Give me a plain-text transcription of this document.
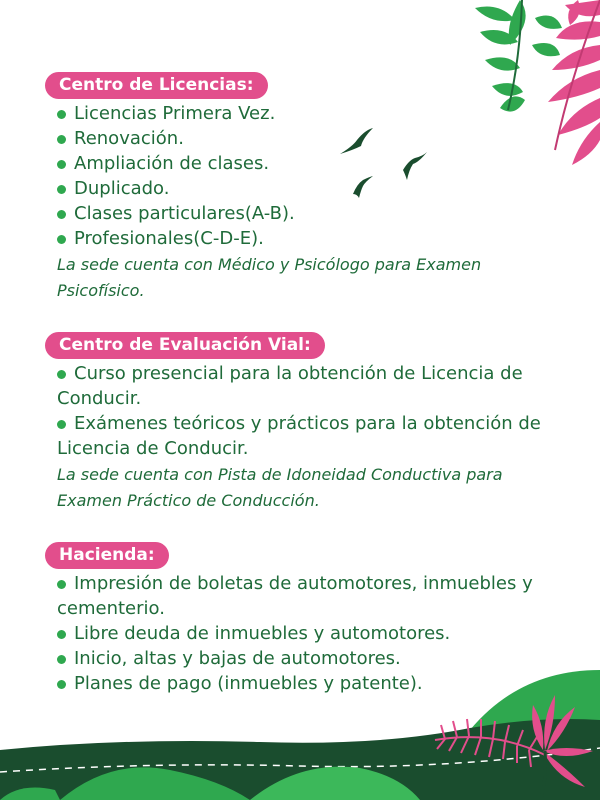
Centro de Licencias:
Licencias Primera Vez.
Renovación.
Ampliación de clases.
Duplicado.
Clases particulares(A-B).
Profesionales(C-D-E).
La sede cuenta con Médico y Psicólogo para Examen Psicofísico.
Centro de Evaluación Vial:
Curso presencial para la obtención de Licencia de Conducir.
Exámenes teóricos y prácticos para la obtención de Licencia de Conducir.
La sede cuenta con Pista de Idoneidad Conductiva para Examen Práctico de Conducción.
Hacienda:
Impresión de boletas de automotores, inmuebles y cementerio.
Libre deuda de inmuebles y automotores.
Inicio, altas y bajas de automotores.
Planes de pago (inmuebles y patente).
